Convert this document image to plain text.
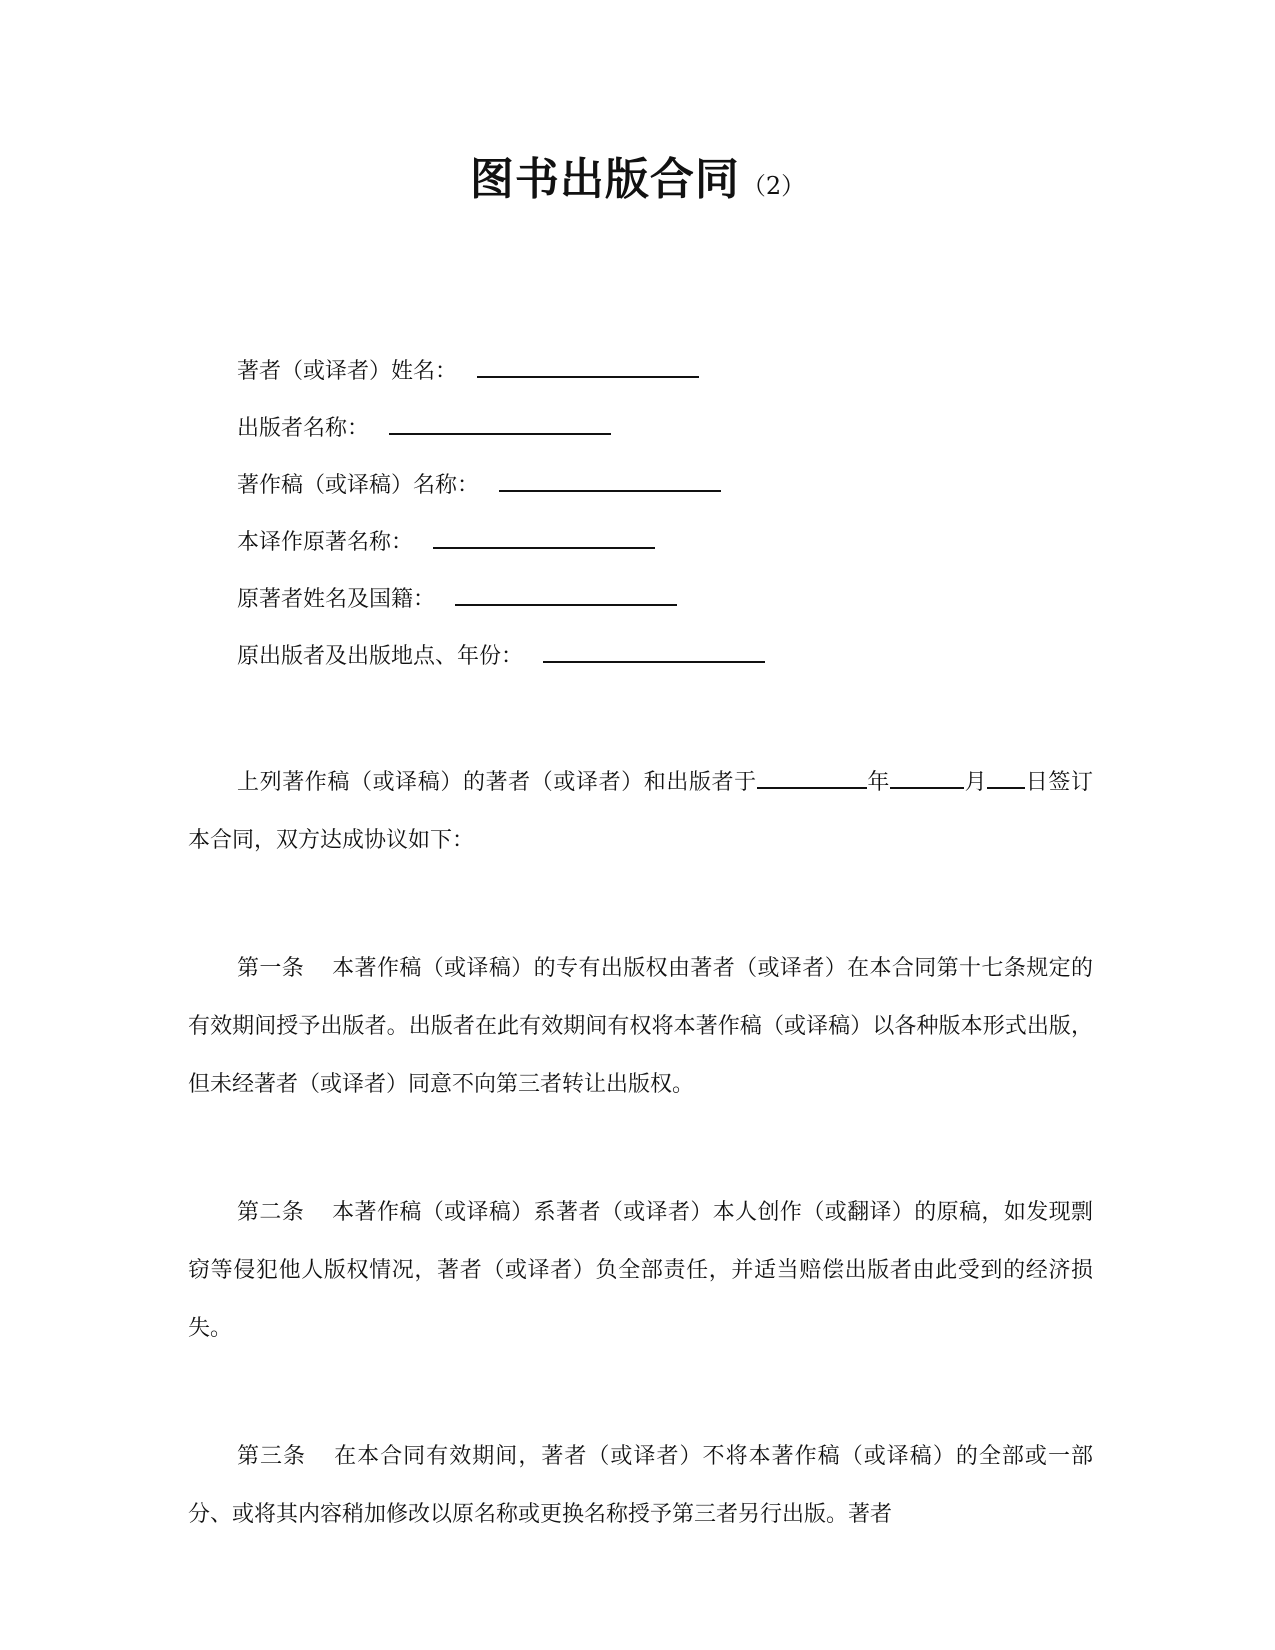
图书出版合同（2）
著者（或译者）姓名：
出版者名称：
著作稿（或译稿）名称：
本译作原著名称：
原著者姓名及国籍：
原出版者及出版地点、年份：

上列著作稿（或译稿）的著者（或译者）和出版者于	年	月 日签订本合同，双方达成协议如下：

第一条 本著作稿（或译稿）的专有出版权由著者（或译者）在本合同第十七条规定的有效期间授予出版者。出版者在此有效期间有权将本著作稿（或译稿）以各种版本形式出版，但未经著者（或译者）同意不向第三者转让出版权。

第二条 本著作稿（或译稿）系著者（或译者）本人创作（或翻译）的原稿，如发现剽窃等侵犯他人版权情况，著者（或译者）负全部责任，并适当赔偿出版者由此受到的经济损失。

第三条 在本合同有效期间，著者（或译者）不将本著作稿（或译稿）的全部或一部分、或将其内容稍加修改以原名称或更换名称授予第三者另行出版。著者
